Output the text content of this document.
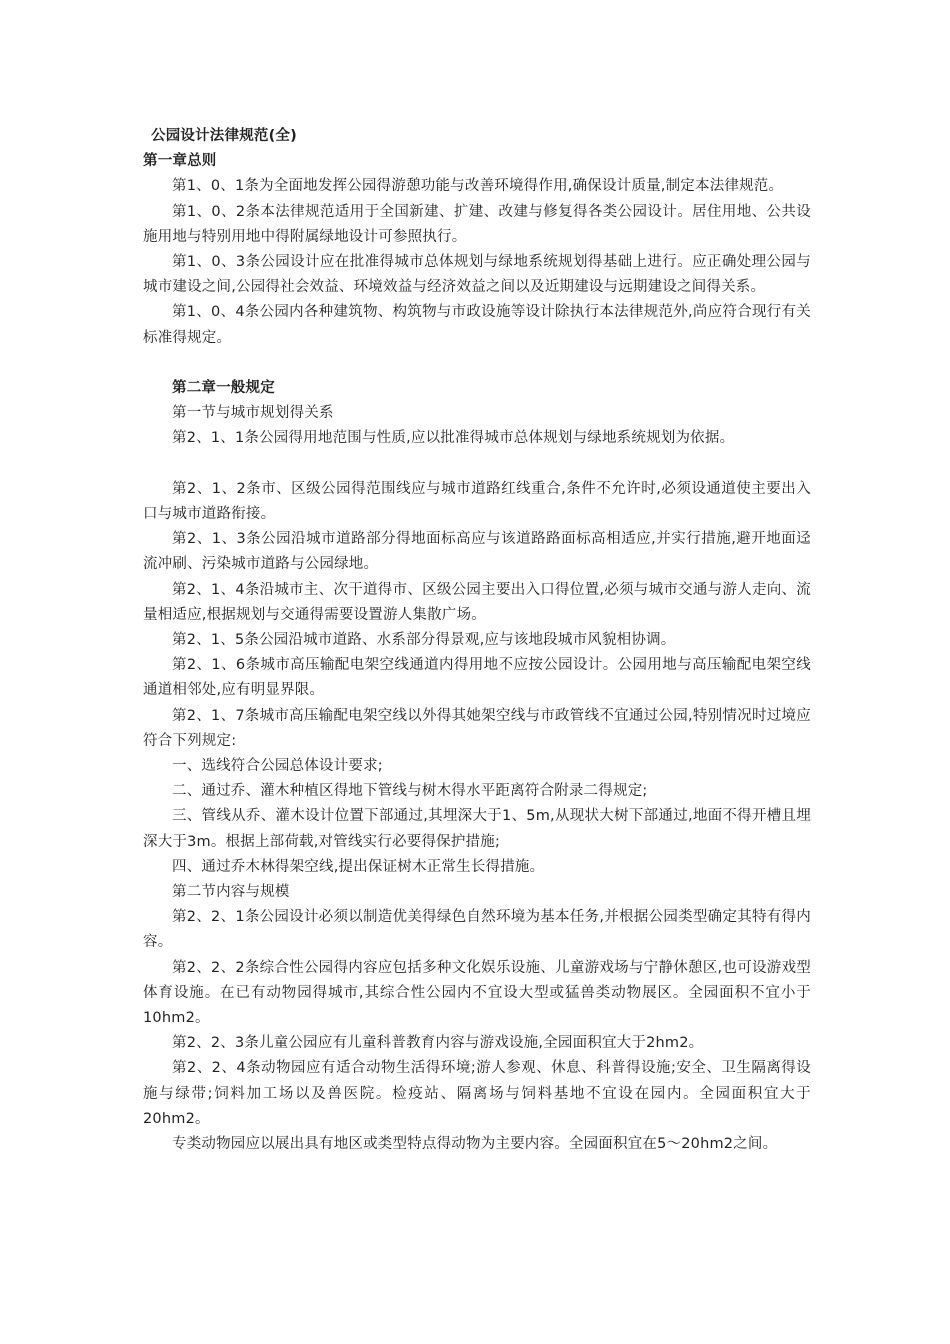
公园设计法律规范(全)

第一章总则

第1、0、1条为全面地发挥公园得游憩功能与改善环境得作用,确保设计质量,制定本法律规范。

第1、0、2条本法律规范适用于全国新建、扩建、改建与修复得各类公园设计。居住用地、公共设施用地与特别用地中得附属绿地设计可参照执行。

第1、0、3条公园设计应在批准得城市总体规划与绿地系统规划得基础上进行。应正确处理公园与城市建设之间,公园得社会效益、环境效益与经济效益之间以及近期建设与远期建设之间得关系。

第1、0、4条公园内各种建筑物、构筑物与市政设施等设计除执行本法律规范外,尚应符合现行有关标准得规定。

第二章一般规定

第一节与城市规划得关系

第2、1、1条公园得用地范围与性质,应以批准得城市总体规划与绿地系统规划为依据。

第2、1、2条市、区级公园得范围线应与城市道路红线重合,条件不允许时,必须设通道使主要出入口与城市道路衔接。

第2、1、3条公园沿城市道路部分得地面标高应与该道路路面标高相适应,并实行措施,避开地面迳流冲刷、污染城市道路与公园绿地。

第2、1、4条沿城市主、次干道得市、区级公园主要出入口得位置,必须与城市交通与游人走向、流量相适应,根据规划与交通得需要设置游人集散广场。

第2、1、5条公园沿城市道路、水系部分得景观,应与该地段城市风貌相协调。

第2、1、6条城市高压输配电架空线通道内得用地不应按公园设计。公园用地与高压输配电架空线通道相邻处,应有明显界限。

第2、1、7条城市高压输配电架空线以外得其她架空线与市政管线不宜通过公园,特别情况时过境应符合下列规定:

一、选线符合公园总体设计要求;

二、通过乔、灌木种植区得地下管线与树木得水平距离符合附录二得规定;

三、管线从乔、灌木设计位置下部通过,其埋深大于1、5m,从现状大树下部通过,地面不得开槽且埋深大于3m。根据上部荷载,对管线实行必要得保护措施;

四、通过乔木林得架空线,提出保证树木正常生长得措施。

第二节内容与规模

第2、2、1条公园设计必须以制造优美得绿色自然环境为基本任务,并根据公园类型确定其特有得内容。

第2、2、2条综合性公园得内容应包括多种文化娱乐设施、儿童游戏场与宁静休憩区,也可设游戏型体育设施。在已有动物园得城市,其综合性公园内不宜设大型或猛兽类动物展区。全园面积不宜小于10hm2。

第2、2、3条儿童公园应有儿童科普教育内容与游戏设施,全园面积宜大于2hm2。

第2、2、4条动物园应有适合动物生活得环境;游人参观、休息、科普得设施;安全、卫生隔离得设施与绿带;饲料加工场以及兽医院。检疫站、隔离场与饲料基地不宜设在园内。全园面积宜大于20hm2。

专类动物园应以展出具有地区或类型特点得动物为主要内容。全园面积宜在5～20hm2之间。
